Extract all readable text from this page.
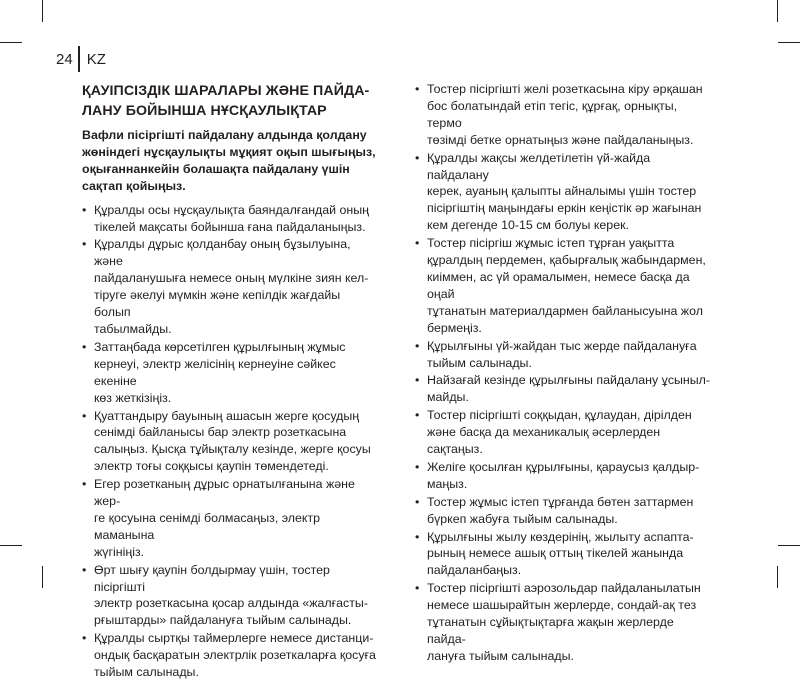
24 KZ
ҚАУІПСІЗДІК ШАРАЛАРЫ ЖӘНЕ ПАЙДА-
ЛАНУ БОЙЫНША НҰСҚАУЛЫҚТАР

Вафли пісіргішті пайдалану алдында қолдану
жөніндегі нұсқаулықты мұқият оқып шығыңыз,
оқығаннанкейін болашақта пайдалану үшін
сақтап қойыңыз.

• Құралды осы нұсқаулықта баяндалғандай оның
тікелей мақсаты бойынша ғана пайдаланыңыз.
• Құралды дұрыс қолданбау оның бұзылуына, және
пайдаланушыға немесе оның мүлкіне зиян кел-
тіруге әкелуі мүмкін және кепілдік жағдайы болып
табылмайды.
• Заттаңбада көрсетілген құрылғының жұмыс
кернеуі, электр желісінің кернеуіне сәйкес екеніне
көз жеткізіңіз.
• Қуаттандыру бауының ашасын жерге қосудың
сенімді байланысы бар электр розеткасына
салыңыз. Қысқа тұйықталу кезінде, жерге қосуы
электр тоғы соққысы қаупін төмендетеді.
• Егер розетканың дұрыс орнатылғанына және жер-
ге қосуына сенімді болмасаңыз, электр маманына
жүгініңіз.
• Өрт шығу қаупін болдырмау үшін, тостер пісіргішті
электр розеткасына қосар алдында «жалғасты-
рғыштарды» пайдалануға тыйым салынады.
• Құралды сыртқы таймерлерге немесе дистанци-
ондық басқаратын электрлік розеткаларға қосуға
тыйым салынады.
• Тостер пісіргішті желі розеткасына кіру әрқашан
бос болатындай етіп тегіс, құрғақ, орнықты, термо
төзімді бетке орнатыңыз және пайдаланыңыз.
• Құралды жақсы желдетілетін үй-жайда пайдалану
керек, ауаның қалыпты айналымы үшін тостер
пісіргіштің маңындағы еркін кеңістік әр жағынан
кем дегенде 10-15 см болуы керек.
• Тостер пісіргіш жұмыс істеп тұрған уақытта
құралдың пердемен, қабырғалық жабындармен,
киіммен, ас үй орамалымен, немесе басқа да оңай
тұтанатын материалдармен байланысуына жол
бермеңіз.
• Құрылғыны үй-жайдан тыс жерде пайдалануға
тыйым салынады.
• Найзағай кезінде құрылғыны пайдалану ұсыныл-
майды.
• Тостер пісіргішті соққыдан, құлаудан, дірілден
және басқа да механикалық әсерлерден сақтаңыз.
• Желіге қосылған құрылғыны, қараусыз қалдыр-
маңыз.
• Тостер жұмыс істеп тұрғанда бөтен заттармен
бүркеп жабуға тыйым салынады.
• Құрылғыны жылу көздерінің, жылыту аспапта-
рының немесе ашық оттың тікелей жанында
пайдаланбаңыз.
• Тостер пісіргішті аэрозольдар пайдаланылатын
немесе шашырайтын жерлерде, сондай-ақ тез
тұтанатын сұйықтықтарға жақын жерлерде пайда-
лануға тыйым салынады.
